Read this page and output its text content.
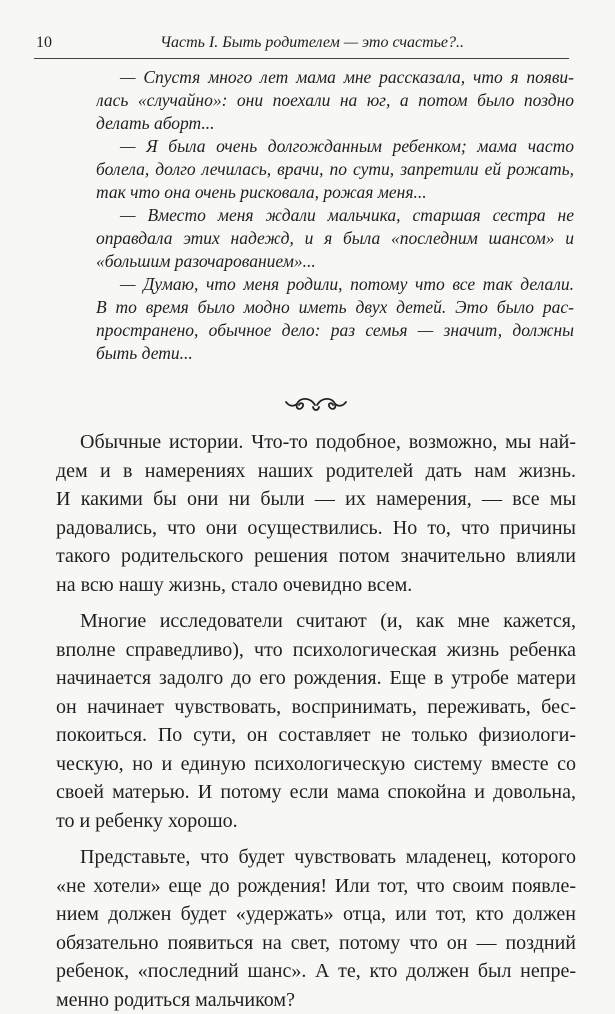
10	Часть I. Быть родителем — это счастье?..
— Спустя много лет мама мне рассказала, что я появи-
лась «случайно»: они поехали на юг, а потом было поздно
делать аборт...
— Я была очень долгожданным ребенком; мама часто
болела, долго лечилась, врачи, по сути, запретили ей рожать,
так что она очень рисковала, рожая меня...
— Вместо меня ждали мальчика, старшая сестра не
оправдала этих надежд, и я была «последним шансом» и
«большим разочарованием»...
— Думаю, что меня родили, потому что все так делали.
В то время было модно иметь двух детей. Это было рас-
пространено, обычное дело: раз семья — значит, должны
быть дети...
Обычные истории. Что-то подобное, возможно, мы най-
дем и в намерениях наших родителей дать нам жизнь.
И какими бы они ни были — их намерения, — все мы
радовались, что они осуществились. Но то, что причины
такого родительского решения потом значительно влияли
на всю нашу жизнь, стало очевидно всем.
Многие исследователи считают (и, как мне кажется,
вполне справедливо), что психологическая жизнь ребенка
начинается задолго до его рождения. Еще в утробе матери
он начинает чувствовать, воспринимать, переживать, бес-
покоиться. По сути, он составляет не только физиологи-
ческую, но и единую психологическую систему вместе со
своей матерью. И потому если мама спокойна и довольна,
то и ребенку хорошо.
Представьте, что будет чувствовать младенец, которого
«не хотели» еще до рождения! Или тот, что своим появле-
нием должен будет «удержать» отца, или тот, кто должен
обязательно появиться на свет, потому что он — поздний
ребенок, «последний шанс». А те, кто должен был непре-
менно родиться мальчиком?
